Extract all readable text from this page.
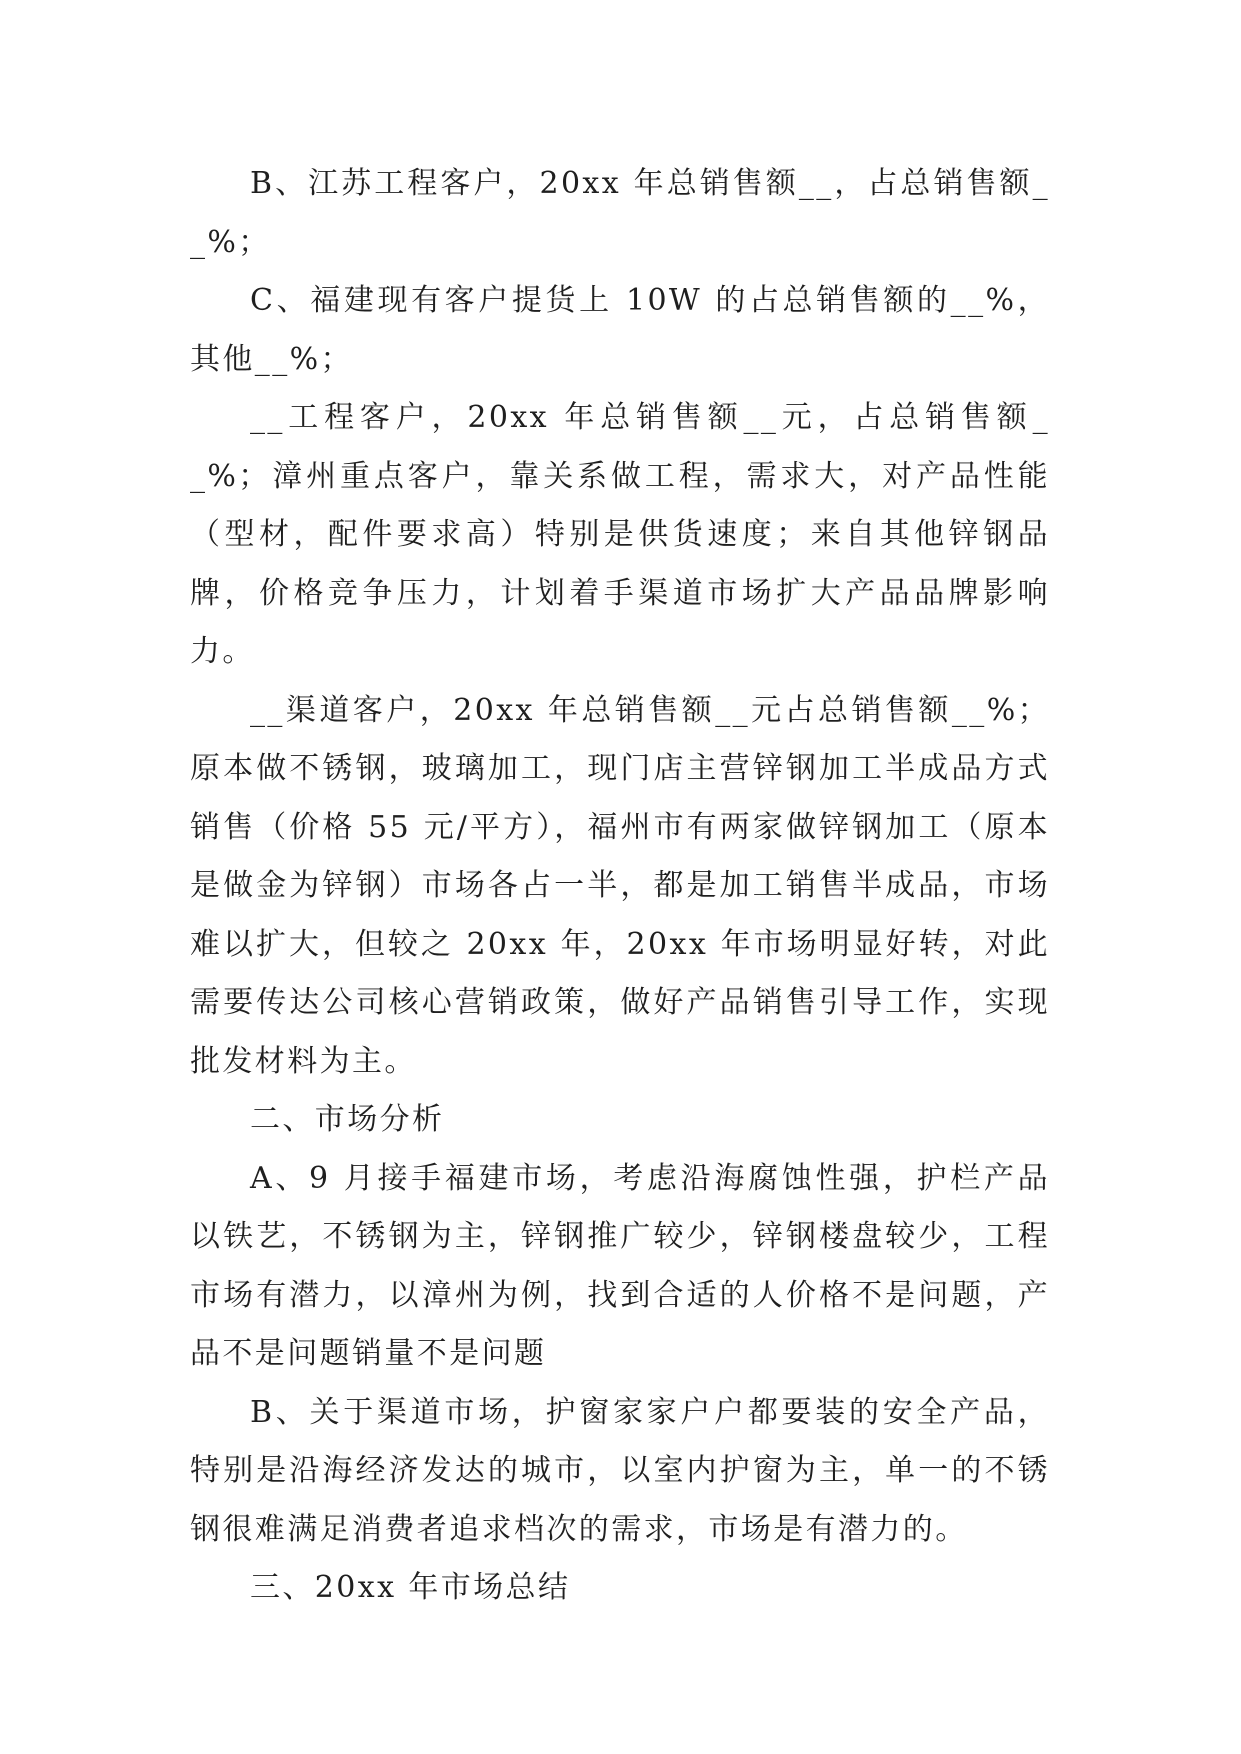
B、江苏工程客户，20xx 年总销售额__，占总销售额__%；

C、福建现有客户提货上 10W 的占总销售额的__%，其他__%；

__工程客户，20xx 年总销售额__元，占总销售额__%；漳州重点客户，靠关系做工程，需求大，对产品性能（型材，配件要求高）特别是供货速度；来自其他锌钢品牌，价格竞争压力，计划着手渠道市场扩大产品品牌影响力。

__渠道客户，20xx 年总销售额__元占总销售额__%；原本做不锈钢，玻璃加工，现门店主营锌钢加工半成品方式销售（价格 55 元/平方），福州市有两家做锌钢加工（原本是做金为锌钢）市场各占一半，都是加工销售半成品，市场难以扩大，但较之 20xx 年，20xx 年市场明显好转，对此需要传达公司核心营销政策，做好产品销售引导工作，实现批发材料为主。

二、市场分析

A、9 月接手福建市场，考虑沿海腐蚀性强，护栏产品以铁艺，不锈钢为主，锌钢推广较少，锌钢楼盘较少，工程市场有潜力，以漳州为例，找到合适的人价格不是问题，产品不是问题销量不是问题

B、关于渠道市场，护窗家家户户都要装的安全产品，特别是沿海经济发达的城市，以室内护窗为主，单一的不锈钢很难满足消费者追求档次的需求，市场是有潜力的。

三、20xx 年市场总结
